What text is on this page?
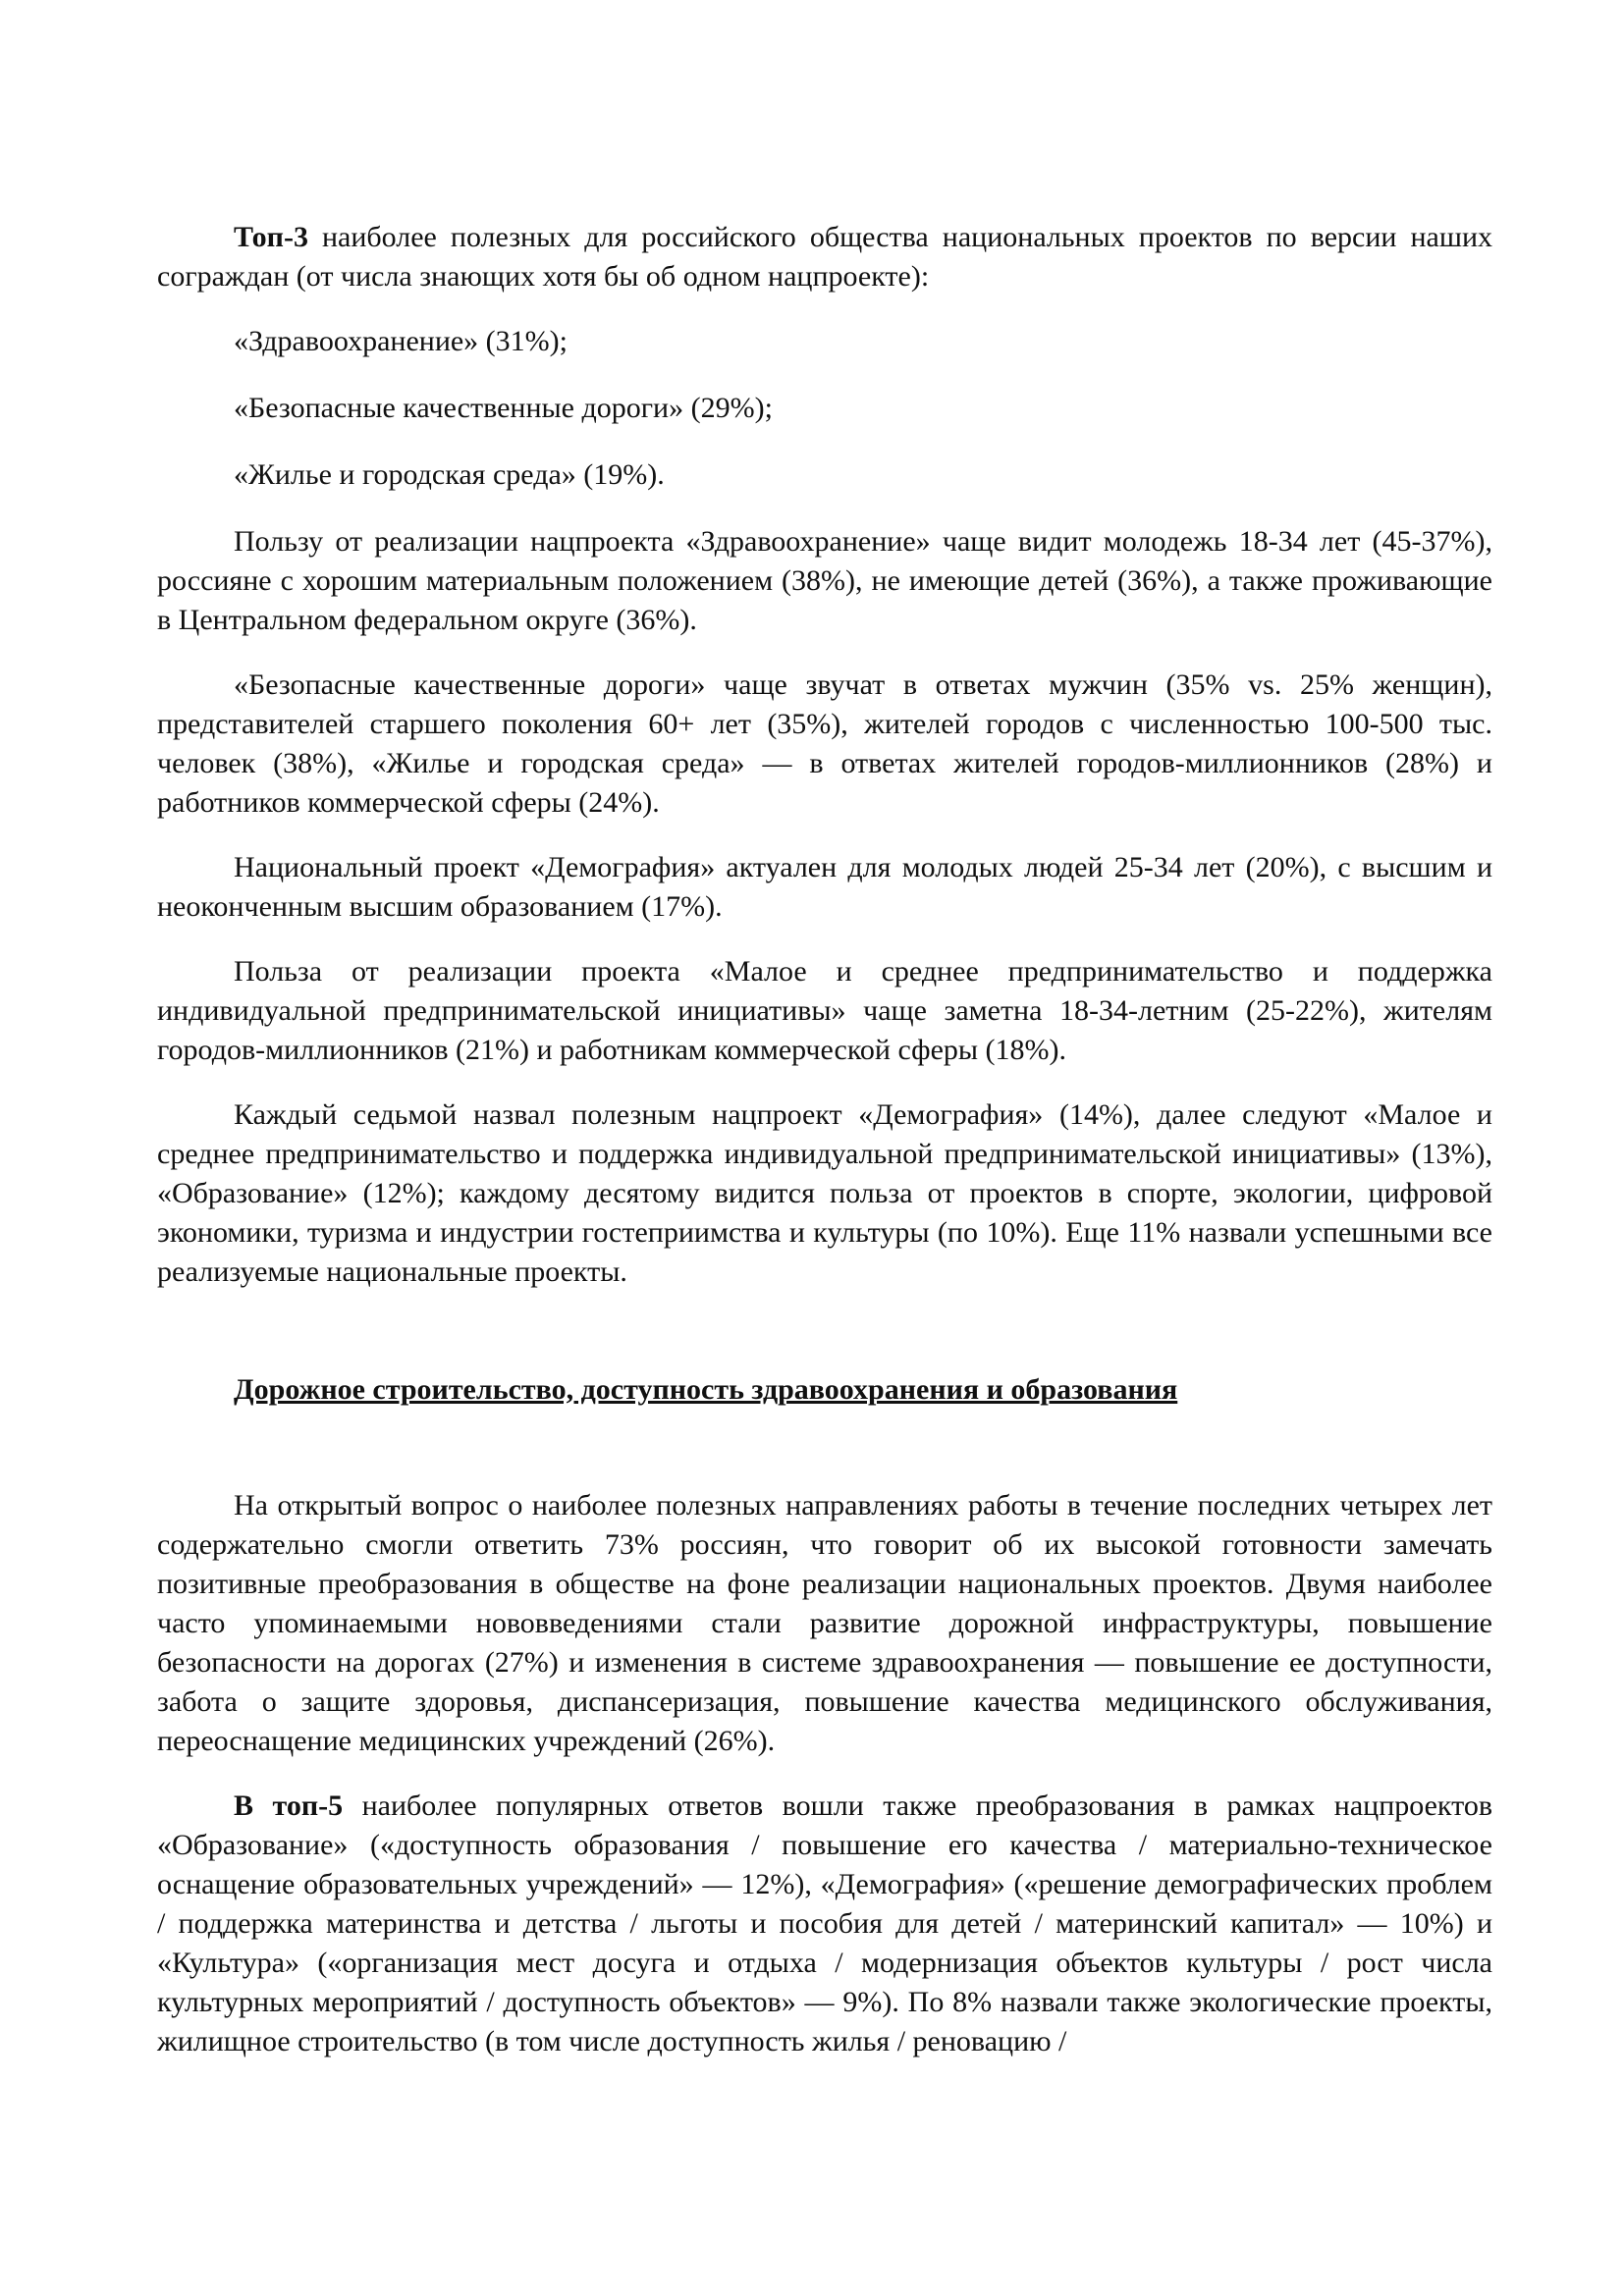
Топ-3 наиболее полезных для российского общества национальных проектов по версии наших сограждан (от числа знающих хотя бы об одном нацпроекте):

«Здравоохранение» (31%);

«Безопасные качественные дороги» (29%);

«Жилье и городская среда» (19%).

Пользу от реализации нацпроекта «Здравоохранение» чаще видит молодежь 18-34 лет (45-37%), россияне с хорошим материальным положением (38%), не имеющие детей (36%), а также проживающие в Центральном федеральном округе (36%).

«Безопасные качественные дороги» чаще звучат в ответах мужчин (35% vs. 25% женщин), представителей старшего поколения 60+ лет (35%), жителей городов с численностью 100-500 тыс. человек (38%), «Жилье и городская среда» — в ответах жителей городов-миллионников (28%) и работников коммерческой сферы (24%).

Национальный проект «Демография» актуален для молодых людей 25-34 лет (20%), с высшим и неоконченным высшим образованием (17%).

Польза от реализации проекта «Малое и среднее предпринимательство и поддержка индивидуальной предпринимательской инициативы» чаще заметна 18-34-летним (25-22%), жителям городов-миллионников (21%) и работникам коммерческой сферы (18%).

Каждый седьмой назвал полезным нацпроект «Демография» (14%), далее следуют «Малое и среднее предпринимательство и поддержка индивидуальной предпринимательской инициативы» (13%), «Образование» (12%); каждому десятому видится польза от проектов в спорте, экологии, цифровой экономики, туризма и индустрии гостеприимства и культуры (по 10%). Еще 11% назвали успешными все реализуемые национальные проекты.

Дорожное строительство, доступность здравоохранения и образования

На открытый вопрос о наиболее полезных направлениях работы в течение последних четырех лет содержательно смогли ответить 73% россиян, что говорит об их высокой готовности замечать позитивные преобразования в обществе на фоне реализации национальных проектов. Двумя наиболее часто упоминаемыми нововведениями стали развитие дорожной инфраструктуры, повышение безопасности на дорогах (27%) и изменения в системе здравоохранения — повышение ее доступности, забота о защите здоровья, диспансеризация, повышение качества медицинского обслуживания, переоснащение медицинских учреждений (26%).

В топ-5 наиболее популярных ответов вошли также преобразования в рамках нацпроектов «Образование» («доступность образования / повышение его качества / материально-техническое оснащение образовательных учреждений» — 12%), «Демография» («решение демографических проблем / поддержка материнства и детства / льготы и пособия для детей / материнский капитал» — 10%) и «Культура» («организация мест досуга и отдыха / модернизация объектов культуры / рост числа культурных мероприятий / доступность объектов» — 9%). По 8% назвали также экологические проекты, жилищное строительство (в том числе доступность жилья / реновацию /
